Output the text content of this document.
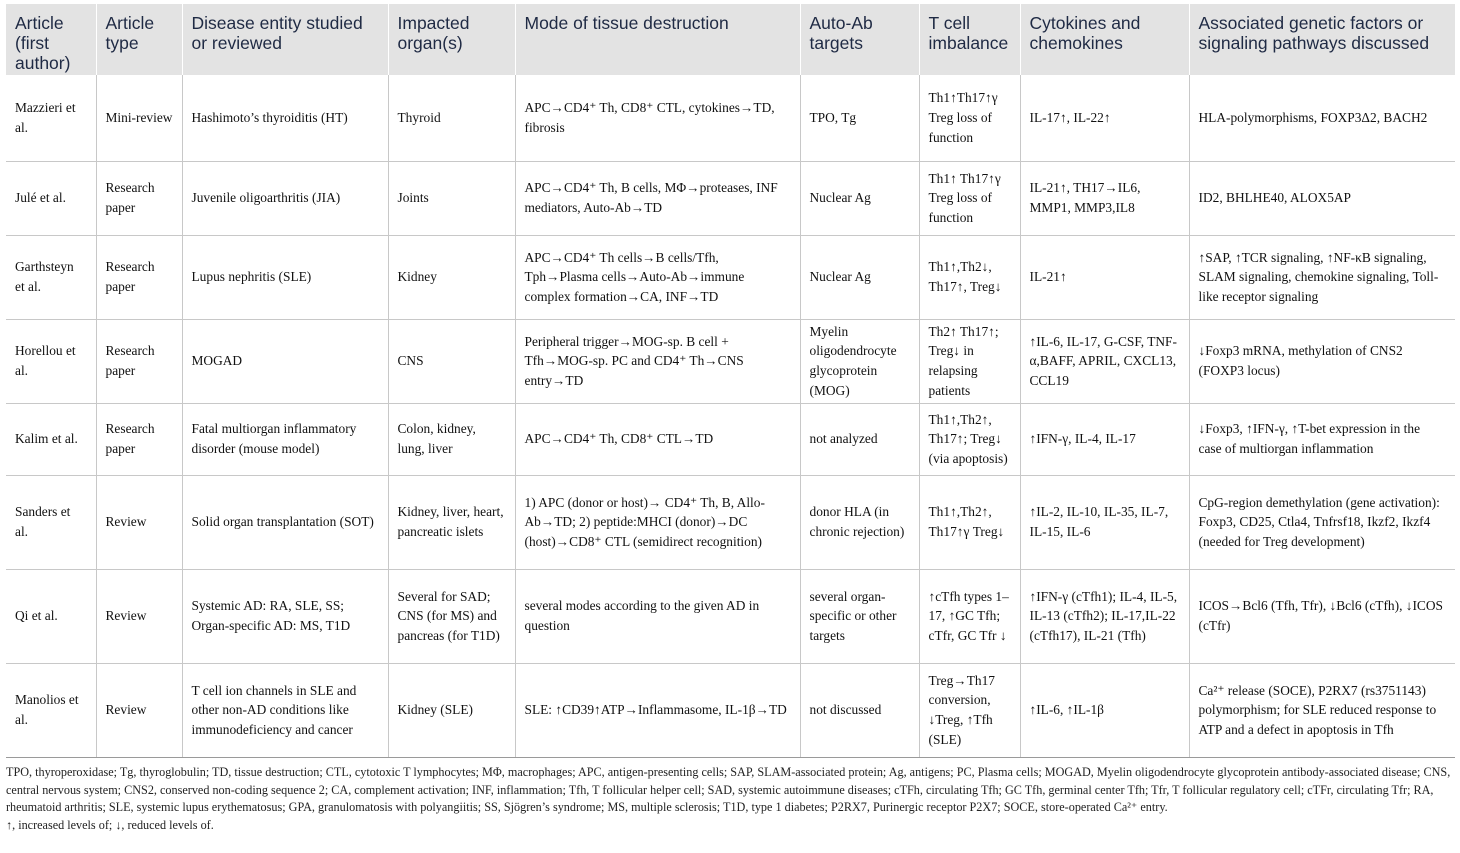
Article (first author)	Article type	Disease entity studied or reviewed	Impacted organ(s)	Mode of tissue destruction	Auto-Ab targets	T cell imbalance	Cytokines and chemokines	Associated genetic factors or signaling pathways discussed
Mazzieri et al.	Mini-review	Hashimoto’s thyroiditis (HT)	Thyroid	APC→CD4⁺ Th, CD8⁺ CTL, cytokines→TD, fibrosis	TPO, Tg	Th1↑Th17↑γ Treg loss of function	IL-17↑, IL-22↑	HLA-polymorphisms, FOXP3Δ2, BACH2
Julé et al.	Research paper	Juvenile oligoarthritis (JIA)	Joints	APC→CD4⁺ Th, B cells, MΦ→proteases, INF mediators, Auto-Ab→TD	Nuclear Ag	Th1↑ Th17↑γ Treg loss of function	IL-21↑, TH17→IL6, MMP1, MMP3,IL8	ID2, BHLHE40, ALOX5AP
Garthsteyn et al.	Research paper	Lupus nephritis (SLE)	Kidney	APC→CD4⁺ Th cells→B cells/Tfh, Tph→Plasma cells→Auto-Ab→immune complex formation→CA, INF→TD	Nuclear Ag	Th1↑,Th2↓, Th17↑, Treg↓	IL-21↑	↑SAP, ↑TCR signaling, ↑NF-κB signaling, SLAM signaling, chemokine signaling, Toll-like receptor signaling
Horellou et al.	Research paper	MOGAD	CNS	Peripheral trigger→MOG-sp. B cell + Tfh→MOG-sp. PC and CD4⁺ Th→CNS entry→TD	Myelin oligodendrocyte glycoprotein (MOG)	Th2↑ Th17↑; Treg↓ in relapsing patients	↑IL-6, IL-17, G-CSF, TNF-α,BAFF, APRIL, CXCL13, CCL19	↓Foxp3 mRNA, methylation of CNS2 (FOXP3 locus)
Kalim et al.	Research paper	Fatal multiorgan inflammatory disorder (mouse model)	Colon, kidney, lung, liver	APC→CD4⁺ Th, CD8⁺ CTL→TD	not analyzed	Th1↑,Th2↑, Th17↑; Treg↓ (via apoptosis)	↑IFN-γ, IL-4, IL-17	↓Foxp3, ↑IFN-γ, ↑T-bet expression in the case of multiorgan inflammation
Sanders et al.	Review	Solid organ transplantation (SOT)	Kidney, liver, heart, pancreatic islets	1) APC (donor or host)→ CD4⁺ Th, B, Allo-Ab→TD; 2) peptide:MHCI (donor)→DC (host)→CD8⁺ CTL (semidirect recognition)	donor HLA (in chronic rejection)	Th1↑,Th2↑, Th17↑γ Treg↓	↑IL-2, IL-10, IL-35, IL-7, IL-15, IL-6	CpG-region demethylation (gene activation): Foxp3, CD25, Ctla4, Tnfrsf18, Ikzf2, Ikzf4 (needed for Treg development)
Qi et al.	Review	Systemic AD: RA, SLE, SS; Organ-specific AD: MS, T1D	Several for SAD; CNS (for MS) and pancreas (for T1D)	several modes according to the given AD in question	several organ-specific or other targets	↑cTfh types 1–17, ↑GC Tfh; cTfr, GC Tfr ↓	↑IFN-γ (cTfh1); IL-4, IL-5, IL-13 (cTfh2); IL-17,IL-22 (cTfh17), IL-21 (Tfh)	ICOS→Bcl6 (Tfh, Tfr), ↓Bcl6 (cTfh), ↓ICOS (cTfr)
Manolios et al.	Review	T cell ion channels in SLE and other non-AD conditions like immunodeficiency and cancer	Kidney (SLE)	SLE: ↑CD39↑ATP→Inflammasome, IL-1β→TD	not discussed	Treg→Th17 conversion, ↓Treg, ↑Tfh (SLE)	↑IL-6, ↑IL-1β	Ca²⁺ release (SOCE), P2RX7 (rs3751143) polymorphism; for SLE reduced response to ATP and a defect in apoptosis in Tfh

TPO, thyroperoxidase; Tg, thyroglobulin; TD, tissue destruction; CTL, cytotoxic T lymphocytes; MΦ, macrophages; APC, antigen-presenting cells; SAP, SLAM-associated protein; Ag, antigens; PC, Plasma cells; MOGAD, Myelin oligodendrocyte glycoprotein antibody-associated disease; CNS, central nervous system; CNS2, conserved non-coding sequence 2; CA, complement activation; INF, inflammation; Tfh, T follicular helper cell; SAD, systemic autoimmune diseases; cTFh, circulating Tfh; GC Tfh, germinal center Tfh; Tfr, T follicular regulatory cell; cTFr, circulating Tfr; RA, rheumatoid arthritis; SLE, systemic lupus erythematosus; GPA, granulomatosis with polyangiitis; SS, Sjögren’s syndrome; MS, multiple sclerosis; T1D, type 1 diabetes; P2RX7, Purinergic receptor P2X7; SOCE, store-operated Ca²⁺ entry.

↑, increased levels of; ↓, reduced levels of.
